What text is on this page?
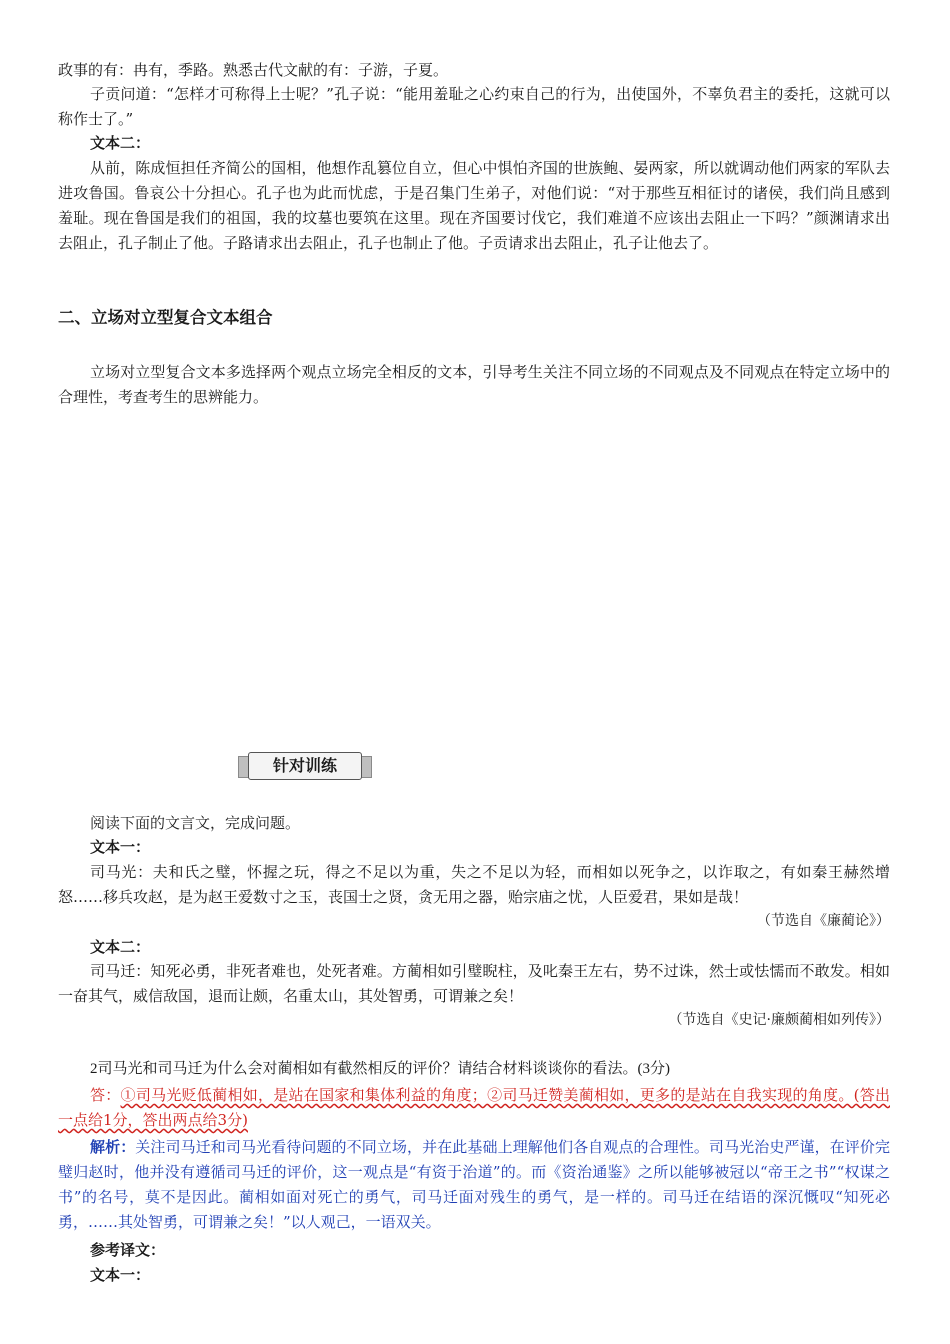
政事的有：冉有，季路。熟悉古代文献的有：子游，子夏。

子贡问道：“怎样才可称得上士呢？”孔子说：“能用羞耻之心约束自己的行为，出使国外，不辜负君主的委托，这就可以称作士了。”

文本二：

从前，陈成恒担任齐简公的国相，他想作乱篡位自立，但心中惧怕齐国的世族鲍、晏两家，所以就调动他们两家的军队去进攻鲁国。鲁哀公十分担心。孔子也为此而忧虑，于是召集门生弟子，对他们说：“对于那些互相征讨的诸侯，我们尚且感到羞耻。现在鲁国是我们的祖国，我的坟墓也要筑在这里。现在齐国要讨伐它，我们难道不应该出去阻止一下吗？”颜渊请求出去阻止，孔子制止了他。子路请求出去阻止，孔子也制止了他。子贡请求出去阻止，孔子让他去了。

二、立场对立型复合文本组合

立场对立型复合文本多选择两个观点立场完全相反的文本，引导考生关注不同立场的不同观点及不同观点在特定立场中的合理性，考查考生的思辨能力。

针对训练

阅读下面的文言文，完成问题。

文本一：

司马光：夫和氏之璧，怀握之玩，得之不足以为重，失之不足以为轻，而相如以死争之，以诈取之，有如秦王赫然增怒……移兵攻赵，是为赵王爱数寸之玉，丧国士之贤，贪无用之器，贻宗庙之忧，人臣爱君，果如是哉！

（节选自《廉蔺论》）

文本二：

司马迁：知死必勇，非死者难也，处死者难。方蔺相如引璧睨柱，及叱秦王左右，势不过诛，然士或怯懦而不敢发。相如一奋其气，威信敌国，退而让颇，名重太山，其处智勇，可谓兼之矣！

（节选自《史记·廉颇蔺相如列传》）

2司马光和司马迁为什么会对蔺相如有截然相反的评价？请结合材料谈谈你的看法。(3分)

答：①司马光贬低蔺相如，是站在国家和集体利益的角度；②司马迁赞美蔺相如，更多的是站在自我实现的角度。(答出一点给1分，答出两点给3分)

解析：关注司马迁和司马光看待问题的不同立场，并在此基础上理解他们各自观点的合理性。司马光治史严谨，在评价完璧归赵时，他并没有遵循司马迁的评价，这一观点是“有资于治道”的。而《资治通鉴》之所以能够被冠以“帝王之书”“权谋之书”的名号，莫不是因此。蔺相如面对死亡的勇气，司马迁面对残生的勇气，是一样的。司马迁在结语的深沉慨叹“知死必勇，……其处智勇，可谓兼之矣！”以人观己，一语双关。

参考译文：

文本一：
